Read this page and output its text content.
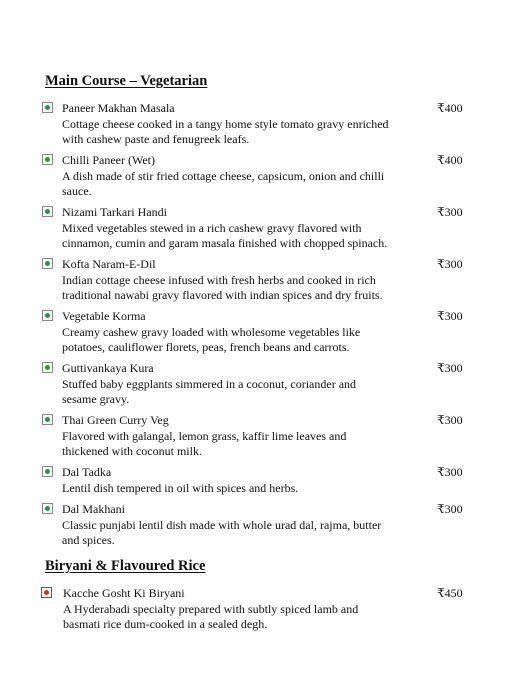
Main Course – Vegetarian
Paneer Makhan Masala
Cottage cheese cooked in a tangy home style tomato gravy enriched with cashew paste and fenugreek leafs.
₹400
Chilli Paneer (Wet)
A dish made of stir fried cottage cheese, capsicum, onion and chilli sauce.
₹400
Nizami Tarkari Handi
Mixed vegetables stewed in a rich cashew gravy flavored with cinnamon, cumin and garam masala finished with chopped spinach.
₹300
Kofta Naram-E-Dil
Indian cottage cheese infused with fresh herbs and cooked in rich traditional nawabi gravy flavored with indian spices and dry fruits.
₹300
Vegetable Korma
Creamy cashew gravy loaded with wholesome vegetables like potatoes, cauliflower florets, peas, french beans and carrots.
₹300
Guttivankaya Kura
Stuffed baby eggplants simmered in a coconut, coriander and sesame gravy.
₹300
Thai Green Curry Veg
Flavored with galangal, lemon grass, kaffir lime leaves and thickened with coconut milk.
₹300
Dal Tadka
Lentil dish tempered in oil with spices and herbs.
₹300
Dal Makhani
Classic punjabi lentil dish made with whole urad dal, rajma, butter and spices.
₹300
Biryani & Flavoured Rice
Kacche Gosht Ki Biryani
A Hyderabadi specialty prepared with subtly spiced lamb and basmati rice dum-cooked in a sealed degh.
₹450
